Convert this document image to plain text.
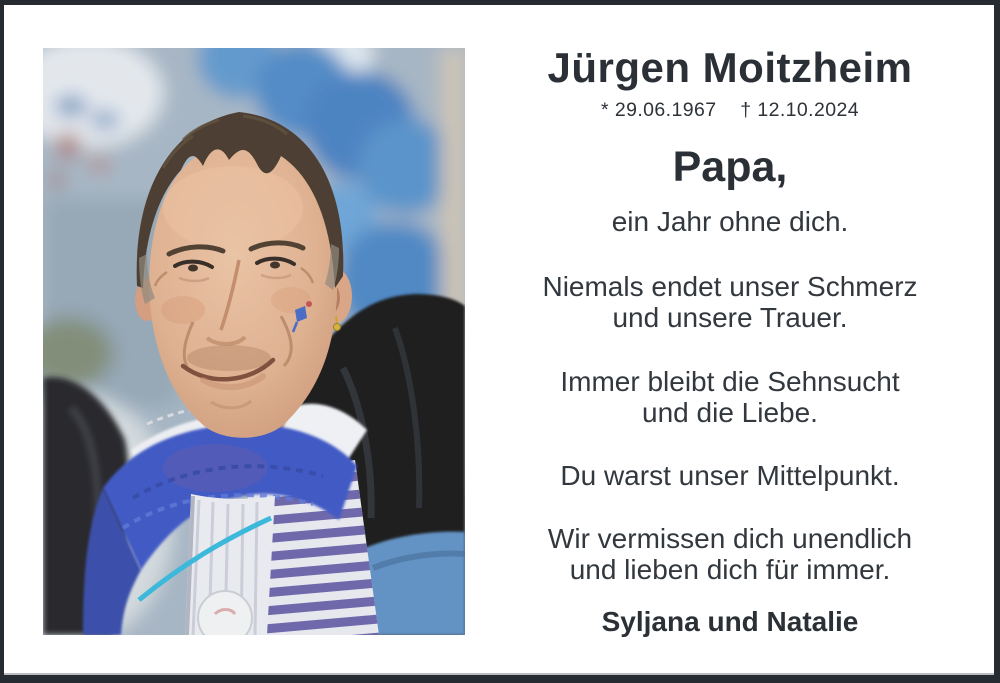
Jürgen Moitzheim

* 29.06.1967 † 12.10.2024

Papa,

ein Jahr ohne dich.

Niemals endet unser Schmerz

und unsere Trauer.

Immer bleibt die Sehnsucht

und die Liebe.

Du warst unser Mittelpunkt.

Wir vermissen dich unendlich

und lieben dich für immer.

Syljana und Natalie
